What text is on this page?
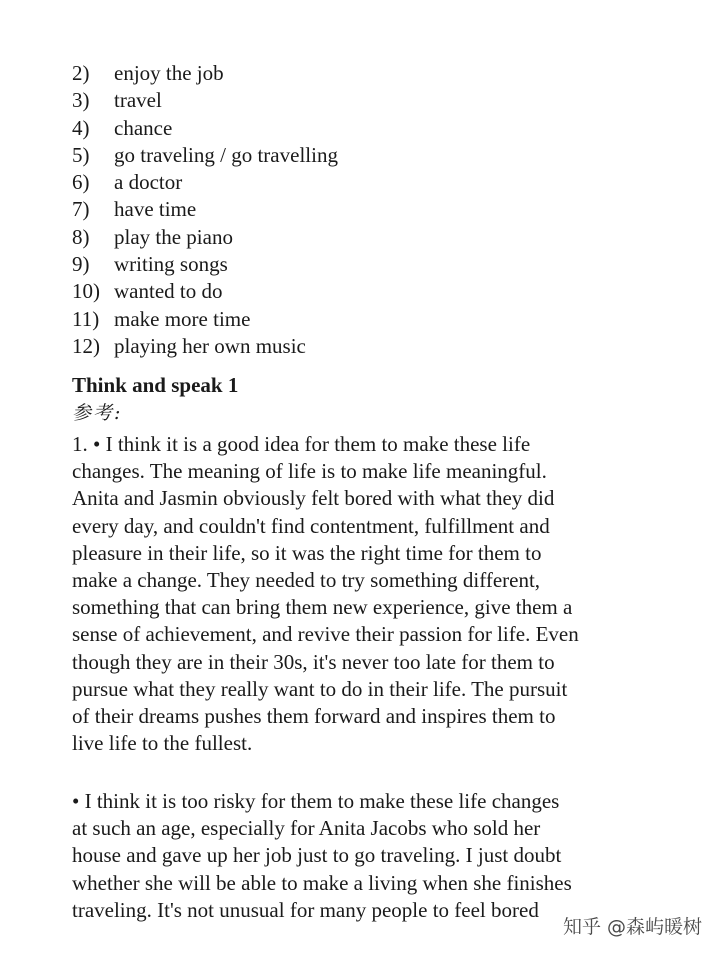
2)	enjoy the job
3)	travel
4)	chance
5)	go traveling / go travelling
6)	a doctor
7)	have time
8)	play the piano
9)	writing songs
10) wanted to do
11) make more time
12) playing her own music
Think and speak 1
参考:

1. • I think it is a good idea for them to make these life
changes. The meaning of life is to make life meaningful.
Anita and Jasmin obviously felt bored with what they did
every day, and couldn't find contentment, fulfillment and
pleasure in their life, so it was the right time for them to
make a change. They needed to try something different,
something that can bring them new experience, give them a
sense of achievement, and revive their passion for life. Even
though they are in their 30s, it's never too late for them to
pursue what they really want to do in their life. The pursuit
of their dreams pushes them forward and inspires them to
live life to the fullest.

• I think it is too risky for them to make these life changes
at such an age, especially for Anita Jacobs who sold her
house and gave up her job just to go traveling. I just doubt
whether she will be able to make a living when she finishes
traveling. It's not unusual for many people to feel bored

知乎 @森屿暖树
